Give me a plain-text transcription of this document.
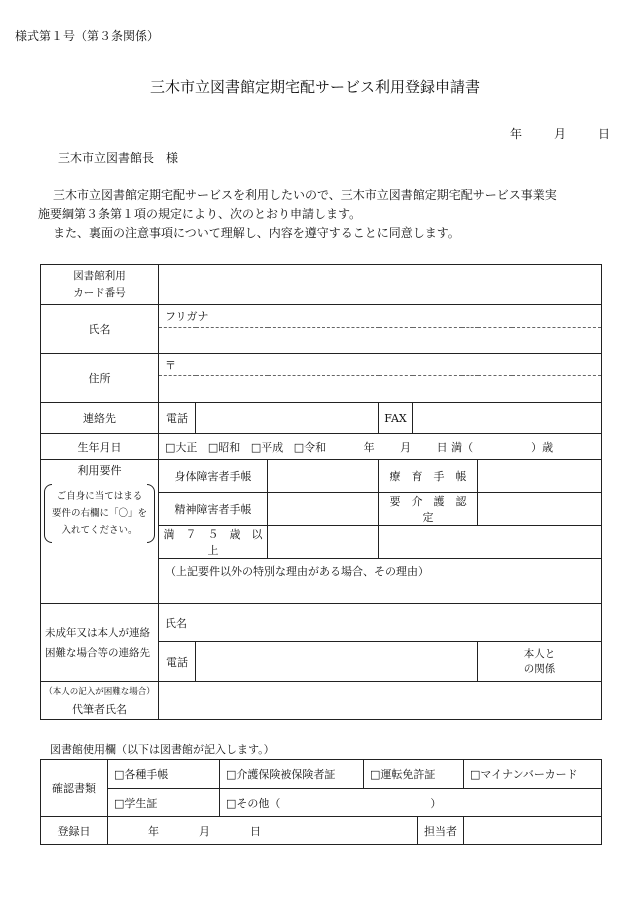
様式第１号（第３条関係）
三木市立図書館定期宅配サービス利用登録申請書
年	月	日
三木市立図書館長　様

三木市立図書館定期宅配サービスを利用したいので、三木市立図書館定期宅配サービス事業実

施要綱第３条第１項の規定により、次のとおり申請します。

また、裏面の注意事項について理解し、内容を遵守することに同意します。

図書館利用
カード番号							

氏名	フリガナ						

住所	〒						

連絡先	電話			FAX			
生年月日	□大正 □昭和 □平成 □令和 年 月 日 満（ ）歳						

利用要件
ご自身に当てはまる
要件の右欄に「〇」を
入れてください。	身体障害者手帳			療　育　手　帳			
	精神障害者手帳			要　介　護　認　定			
	満　７　５　歳　以　上						
	（上記要件以外の特別な理由がある場合、その理由）						
未成年又は本人が連絡困難な場合等の連絡先	氏名						
	電話					本人と
の関係	

（本人の記入が困難な場合）
代筆者氏名							

図書館使用欄（以下は図書館が記入します。）
確認書類	□各種手帳	□介護保険被保険者証	□運転免許証		□マイナンバーカード
	□学生証	□その他（ ）			
登録日	年 月 日			担当者	
